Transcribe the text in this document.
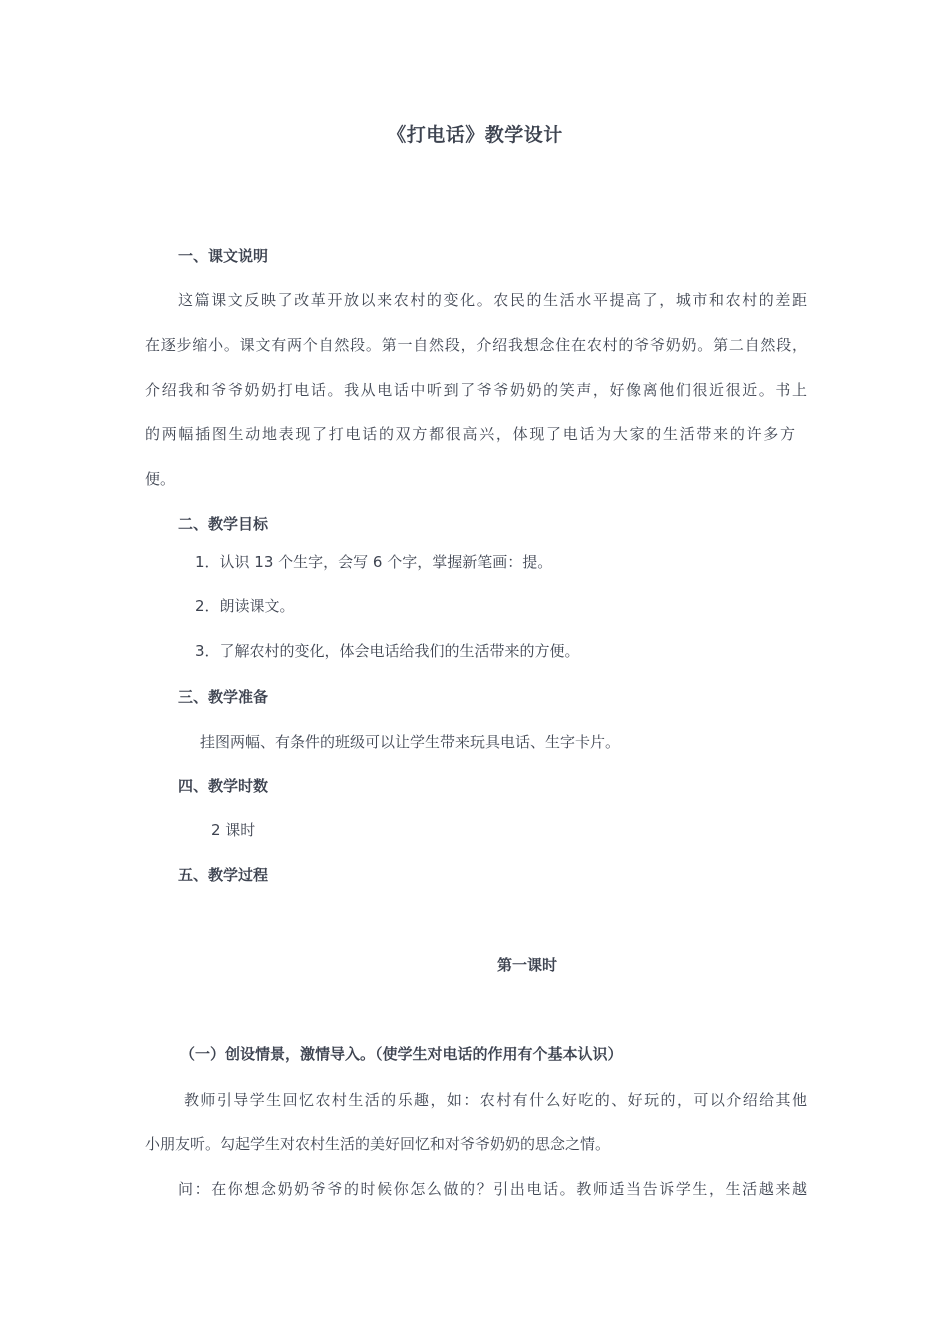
《打电话》教学设计
一、课文说明
这篇课文反映了改革开放以来农村的变化。农民的生活水平提高了，城市和农村的差距
在逐步缩小。课文有两个自然段。第一自然段，介绍我想念住在农村的爷爷奶奶。第二自然段，
介绍我和爷爷奶奶打电话。我从电话中听到了爷爷奶奶的笑声，好像离他们很近很近。书上
的两幅插图生动地表现了打电话的双方都很高兴，体现了电话为大家的生活带来的许多方
便。
二、教学目标
1．认识 13 个生字，会写 6 个字，掌握新笔画：提。
2．朗读课文。
3．了解农村的变化，体会电话给我们的生活带来的方便。
三、教学准备
挂图两幅、有条件的班级可以让学生带来玩具电话、生字卡片。
四、教学时数
2 课时
五、教学过程
第一课时
（一）创设情景，激情导入。（使学生对电话的作用有个基本认识）
教师引导学生回忆农村生活的乐趣，如：农村有什么好吃的、好玩的，可以介绍给其他
小朋友听。勾起学生对农村生活的美好回忆和对爷爷奶奶的思念之情。
问：在你想念奶奶爷爷的时候你怎么做的？引出电话。教师适当告诉学生，生活越来越
